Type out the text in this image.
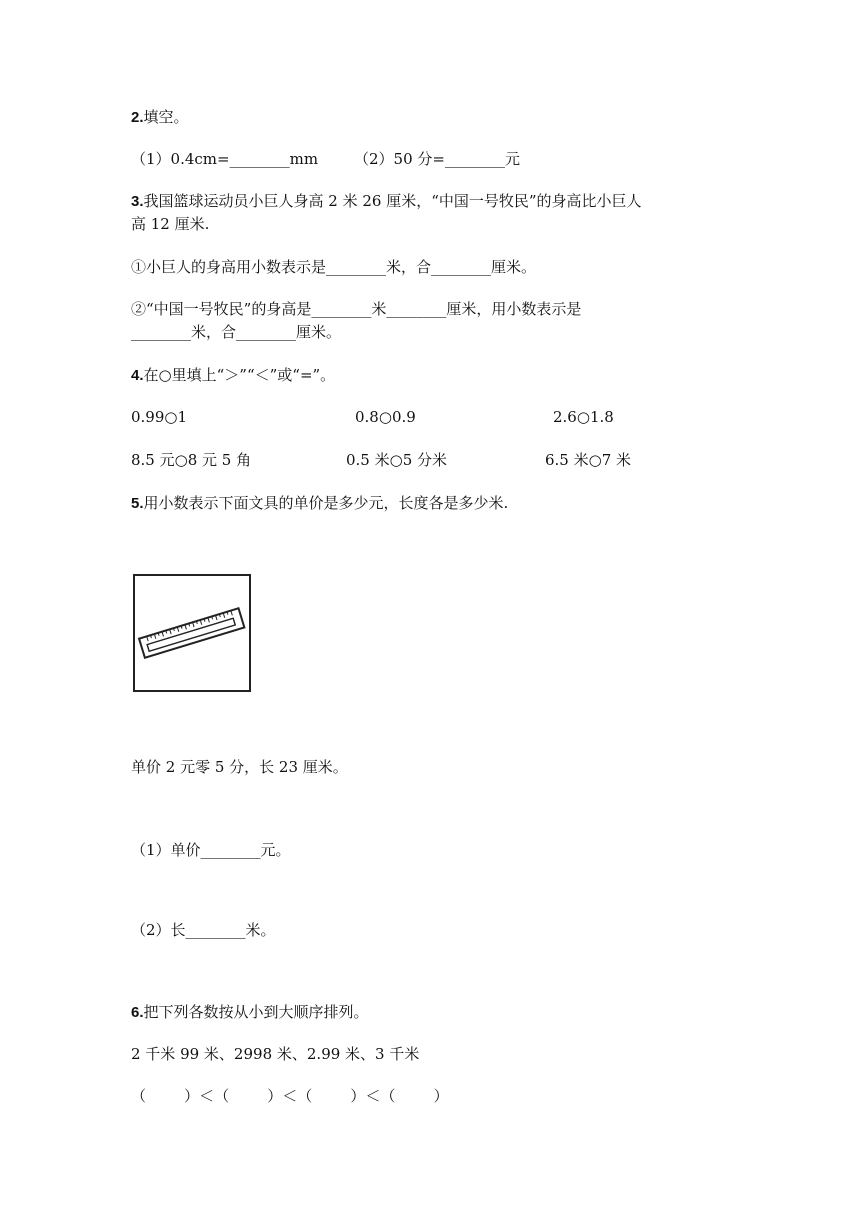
2.填空。
（1）0.4cm=________mm （2）50 分=________元
3.我国篮球运动员小巨人身高 2 米 26 厘米，“中国一号牧民”的身高比小巨人
高 12 厘米.
①小巨人的身高用小数表示是________米，合________厘米。
②“中国一号牧民”的身高是________米________厘米，用小数表示是
________米，合________厘米。
4.在○里填上“＞”“＜”或“=”。
0.99○1	0.8○0.9	2.6○1.8
8.5 元○8 元 5 角	0.5 米○5 分米	6.5 米○7 米
5.用小数表示下面文具的单价是多少元，长度各是多少米.
单价 2 元零 5 分，长 23 厘米。
（1）单价________元。
（2）长________米。
6.把下列各数按从小到大顺序排列。
2 千米 99 米、2998 米、2.99 米、3 千米
（        ）＜（        ）＜（        ）＜（        ）
